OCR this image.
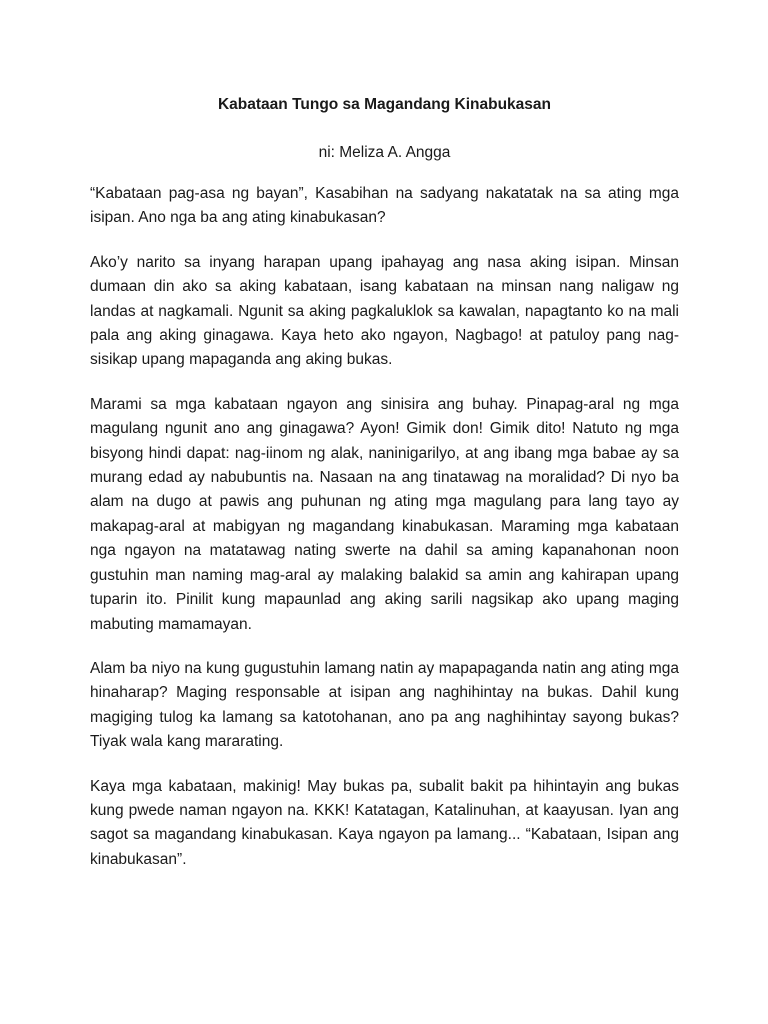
Kabataan Tungo sa Magandang Kinabukasan

ni: Meliza A. Angga

“Kabataan pag-asa ng bayan”, Kasabihan na sadyang nakatatak na sa ating mga isipan. Ano nga ba ang ating kinabukasan?

Ako’y narito sa inyang harapan upang ipahayag ang nasa aking isipan. Minsan dumaan din ako sa aking kabataan, isang kabataan na minsan nang naligaw ng landas at nagkamali. Ngunit sa aking pagkaluklok sa kawalan, napagtanto ko na mali pala ang aking ginagawa. Kaya heto ako ngayon, Nagbago! at patuloy pang nag-sisikap upang mapaganda ang aking bukas.

Marami sa mga kabataan ngayon ang sinisira ang buhay. Pinapag-aral ng mga magulang ngunit ano ang ginagawa? Ayon! Gimik don! Gimik dito! Natuto ng mga bisyong hindi dapat: nag-iinom ng alak, naninigarilyo, at ang ibang mga babae ay sa murang edad ay nabubuntis na. Nasaan na ang tinatawag na moralidad? Di nyo ba alam na dugo at pawis ang puhunan ng ating mga magulang para lang tayo ay makapag-aral at mabigyan ng magandang kinabukasan. Maraming mga kabataan nga ngayon na matatawag nating swerte na dahil sa aming kapanahonan noon gustuhin man naming mag-aral ay malaking balakid sa amin ang kahirapan upang tuparin ito. Pinilit kung mapaunlad ang aking sarili nagsikap ako upang maging mabuting mamamayan.

Alam ba niyo na kung gugustuhin lamang natin ay mapapaganda natin ang ating mga hinaharap? Maging responsable at isipan ang naghihintay na bukas. Dahil kung magiging tulog ka lamang sa katotohanan, ano pa ang naghihintay sayong bukas? Tiyak wala kang mararating.

Kaya mga kabataan, makinig! May bukas pa, subalit bakit pa hihintayin ang bukas kung pwede naman ngayon na. KKK! Katatagan, Katalinuhan, at kaayusan. Iyan ang sagot sa magandang kinabukasan. Kaya ngayon pa lamang... “Kabataan, Isipan ang kinabukasan”.
